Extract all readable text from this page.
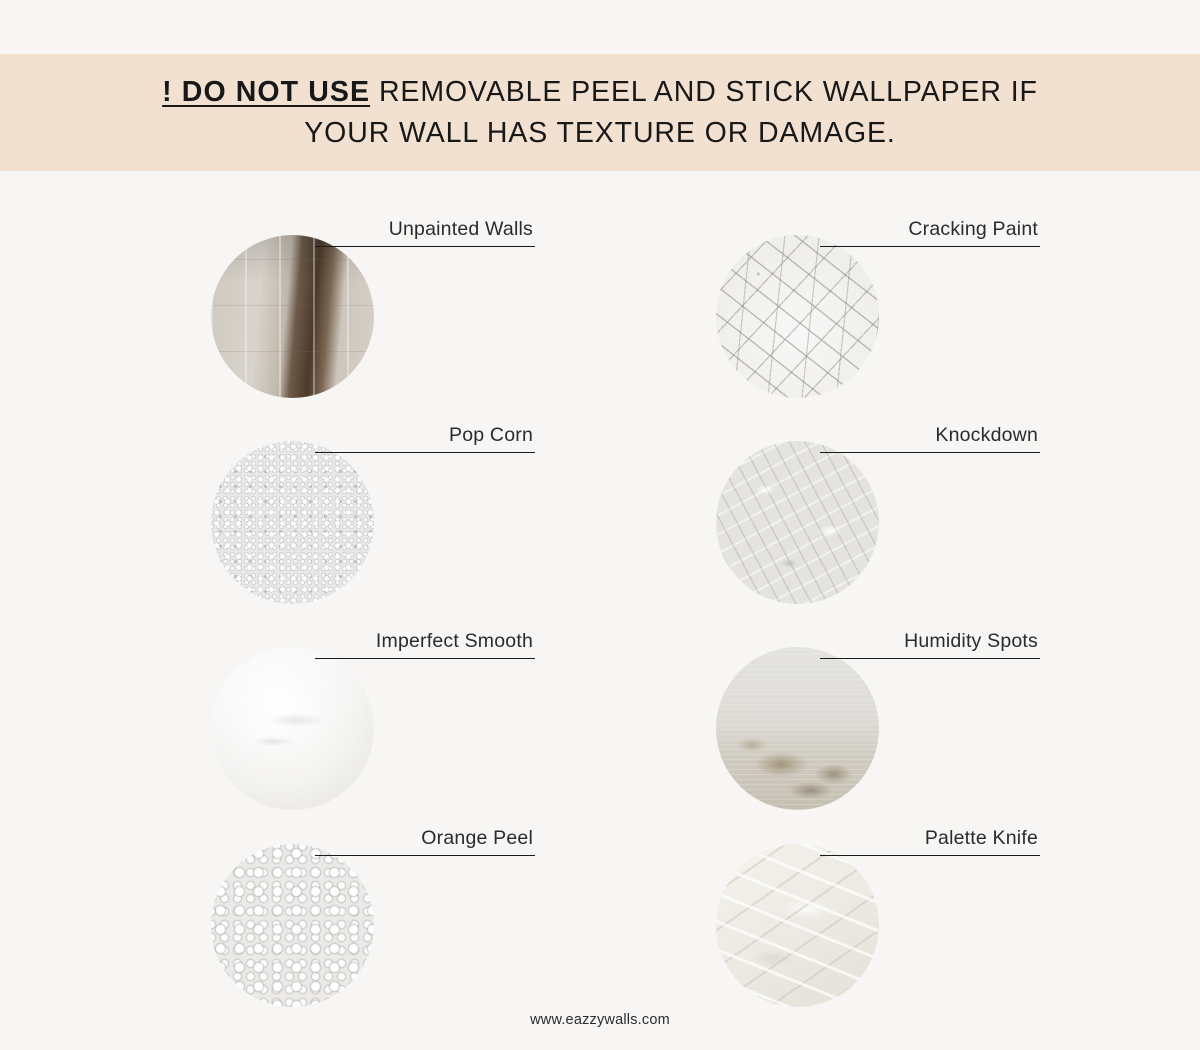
! DO NOT USE REMOVABLE PEEL AND STICK WALLPAPER IF
YOUR WALL HAS TEXTURE OR DAMAGE.
Unpainted Walls	Cracking Paint
Pop Corn	Knockdown
Imperfect Smooth	Humidity Spots
Orange Peel	Palette Knife
www.eazzywalls.com
